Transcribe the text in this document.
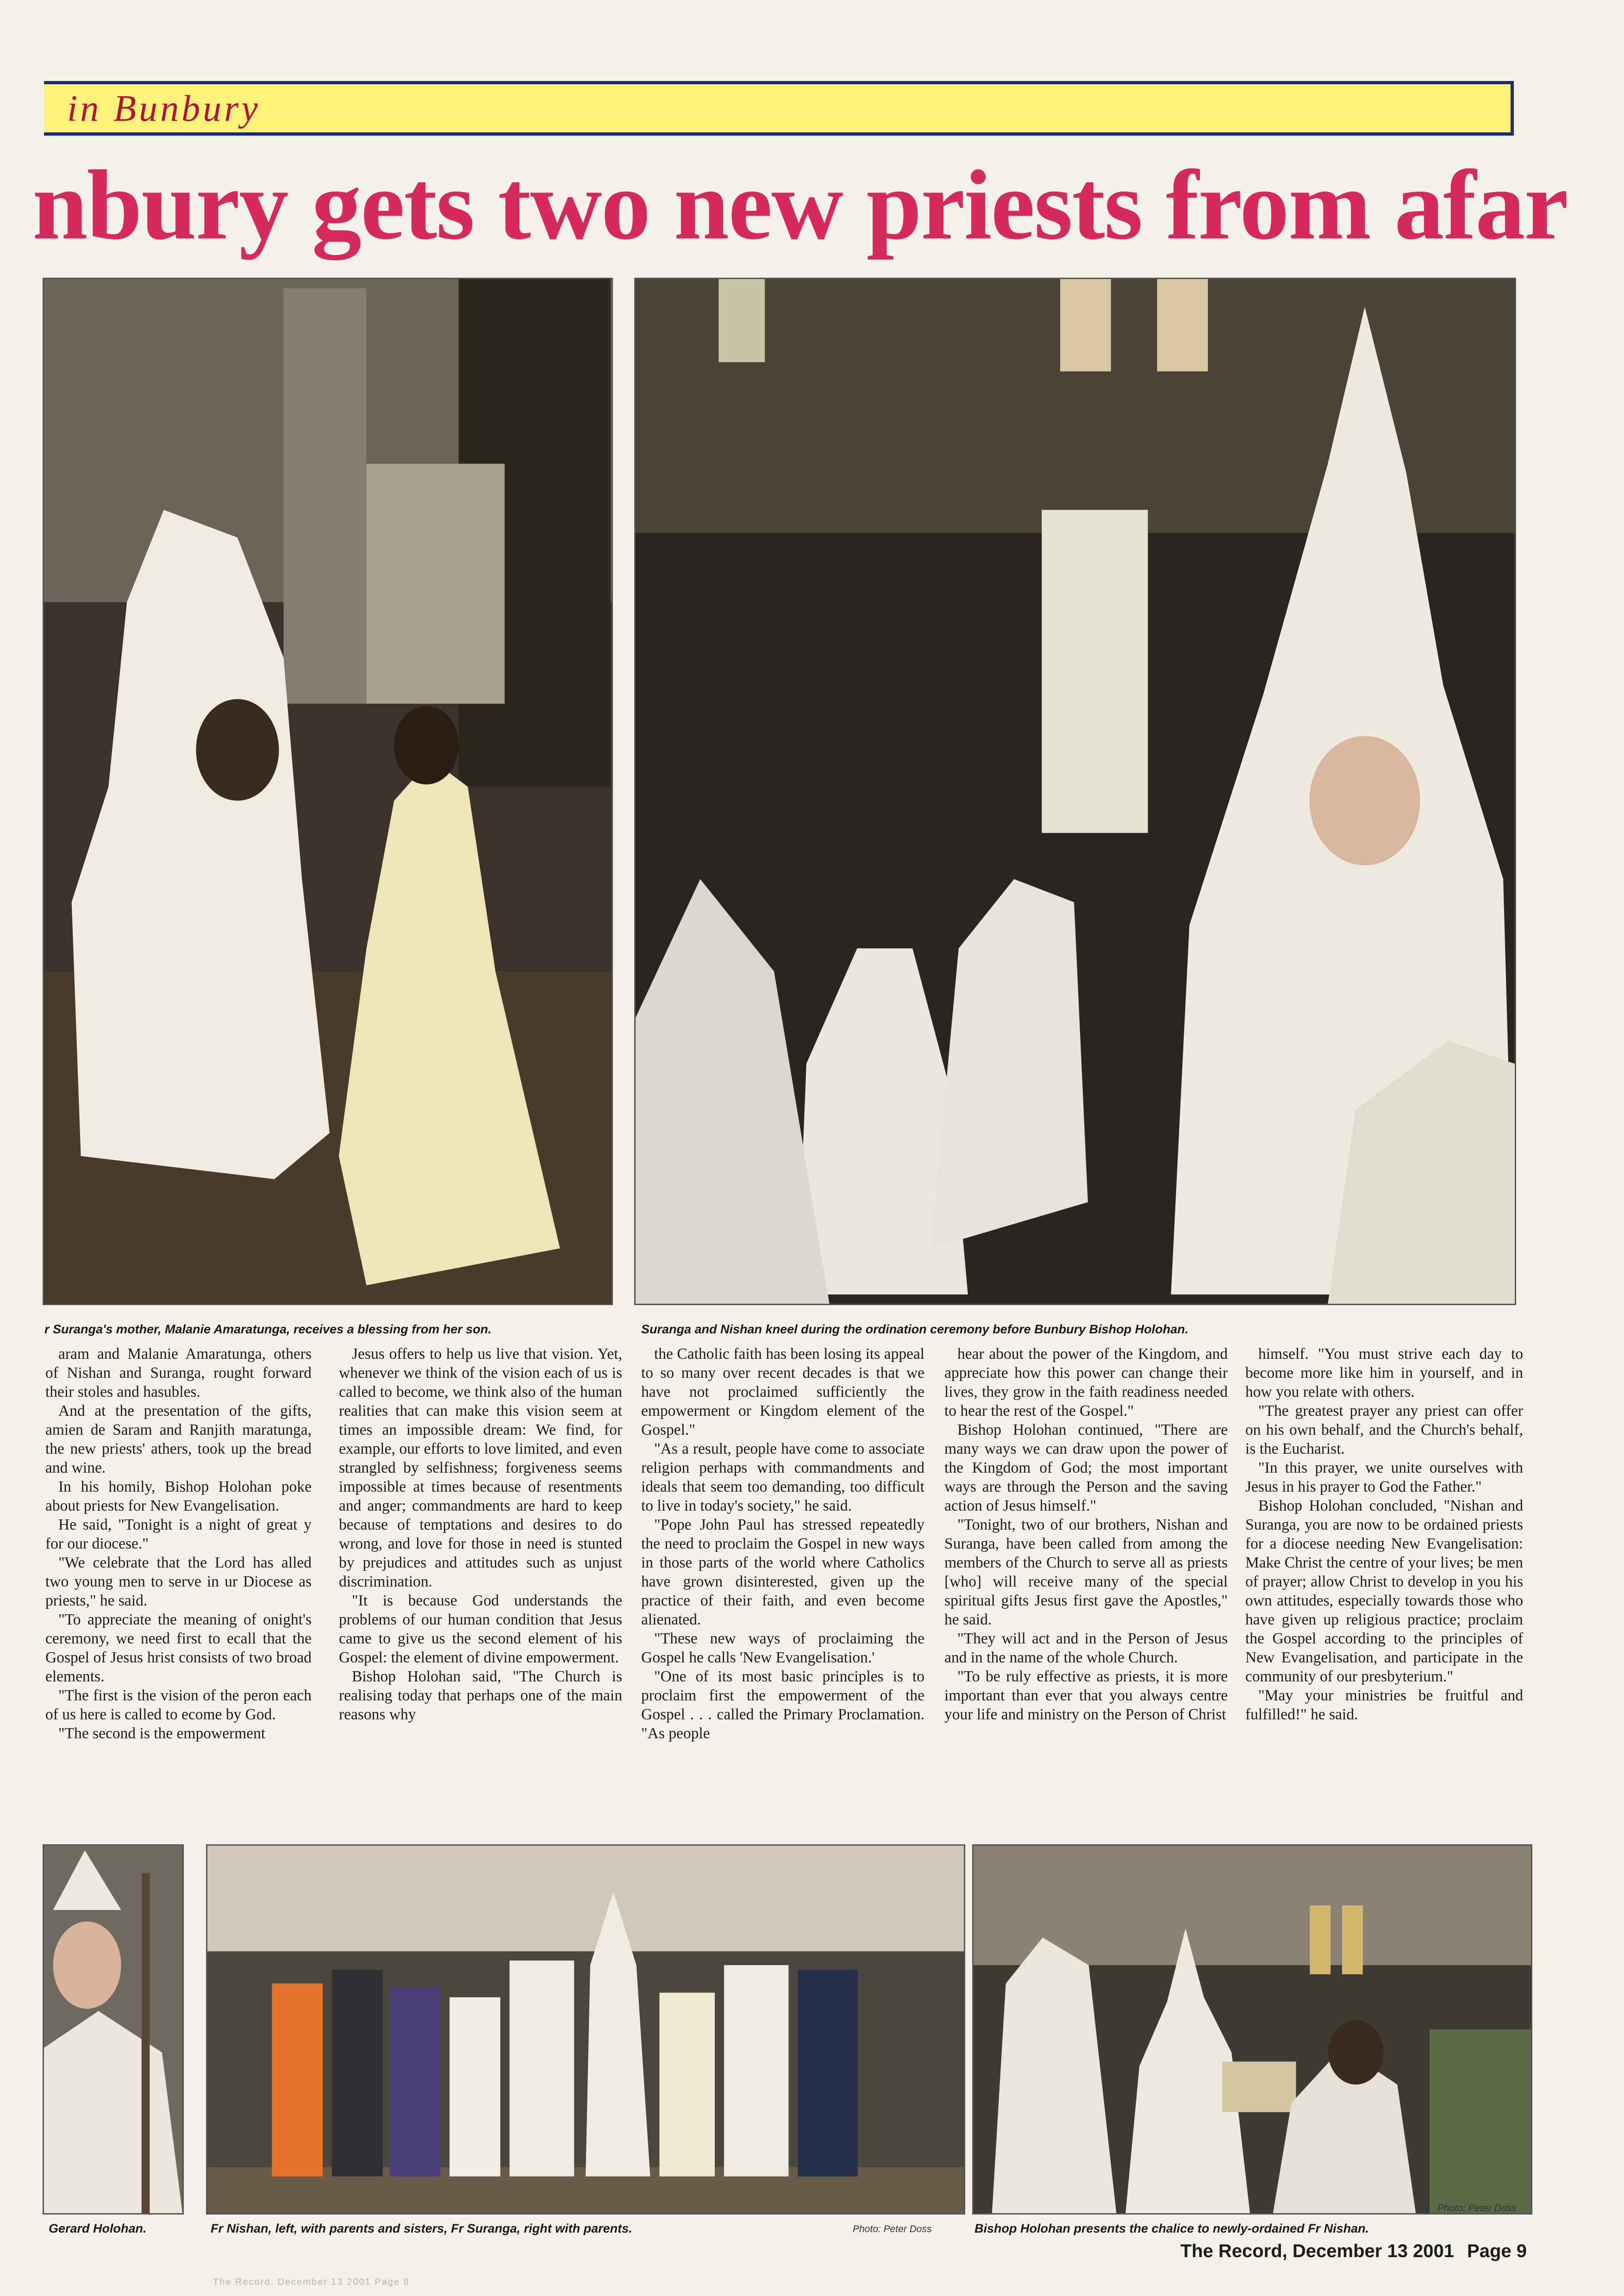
in Bunbury
nbury gets two new priests from afar
r Suranga's mother, Malanie Amaratunga, receives a blessing from her son.	Suranga and Nishan kneel during the ordination ceremony before Bunbury Bishop Holohan.

aram and Malanie Amaratunga, others of Nishan and Suranga, rought forward their stoles and hasubles.

And at the presentation of the gifts, amien de Saram and Ranjith maratunga, the new priests' athers, took up the bread and wine.

In his homily, Bishop Holohan poke about priests for New Evangelisation.

He said, "Tonight is a night of great y for our diocese."

"We celebrate that the Lord has alled two young men to serve in ur Diocese as priests," he said.

"To appreciate the meaning of onight's ceremony, we need first to ecall that the Gospel of Jesus hrist consists of two broad elements.

"The first is the vision of the peron each of us here is called to ecome by God.

"The second is the empowerment

Jesus offers to help us live that vision. Yet, whenever we think of the vision each of us is called to become, we think also of the human realities that can make this vision seem at times an impossible dream: We find, for example, our efforts to love limited, and even strangled by selfishness; forgiveness seems impossible at times because of resentments and anger; commandments are hard to keep because of temptations and desires to do wrong, and love for those in need is stunted by prejudices and attitudes such as unjust discrimination.

"It is because God understands the problems of our human condition that Jesus came to give us the second element of his Gospel: the element of divine empowerment.

Bishop Holohan said, "The Church is realising today that perhaps one of the main reasons why

the Catholic faith has been losing its appeal to so many over recent decades is that we have not proclaimed sufficiently the empowerment or Kingdom element of the Gospel."

"As a result, people have come to associate religion perhaps with commandments and ideals that seem too demanding, too difficult to live in today's society," he said.

"Pope John Paul has stressed repeatedly the need to proclaim the Gospel in new ways in those parts of the world where Catholics have grown disinterested, given up the practice of their faith, and even become alienated.

"These new ways of proclaiming the Gospel he calls 'New Evangelisation.'

"One of its most basic principles is to proclaim first the empowerment of the Gospel . . . called the Primary Proclamation. "As people

hear about the power of the Kingdom, and appreciate how this power can change their lives, they grow in the faith readiness needed to hear the rest of the Gospel."

Bishop Holohan continued, "There are many ways we can draw upon the power of the Kingdom of God; the most important ways are through the Person and the saving action of Jesus himself."

"Tonight, two of our brothers, Nishan and Suranga, have been called from among the members of the Church to serve all as priests [who] will receive many of the special spiritual gifts Jesus first gave the Apostles," he said.

"They will act and in the Person of Jesus and in the name of the whole Church.

"To be ruly effective as priests, it is more important than ever that you always centre your life and ministry on the Person of Christ

himself. "You must strive each day to become more like him in yourself, and in how you relate with others.

"The greatest prayer any priest can offer on his own behalf, and the Church's behalf, is the Eucharist.

"In this prayer, we unite ourselves with Jesus in his prayer to God the Father."

Bishop Holohan concluded, "Nishan and Suranga, you are now to be ordained priests for a diocese needing New Evangelisation: Make Christ the centre of your lives; be men of prayer; allow Christ to develop in you his own attitudes, especially towards those who have given up religious practice; proclaim the Gospel according to the principles of New Evangelisation, and participate in the community of our presbyterium."

"May your ministries be fruitful and fulfilled!" he said.

Gerard Holohan.	Fr Nishan, left, with parents and sisters, Fr Suranga, right with parents.	Photo: Peter Doss
Photo: Peter Doss
Bishop Holohan presents the chalice to newly-ordained Fr Nishan.
The Record, December 13 2001 Page 9
The Record, December 13 2001 Page 8
